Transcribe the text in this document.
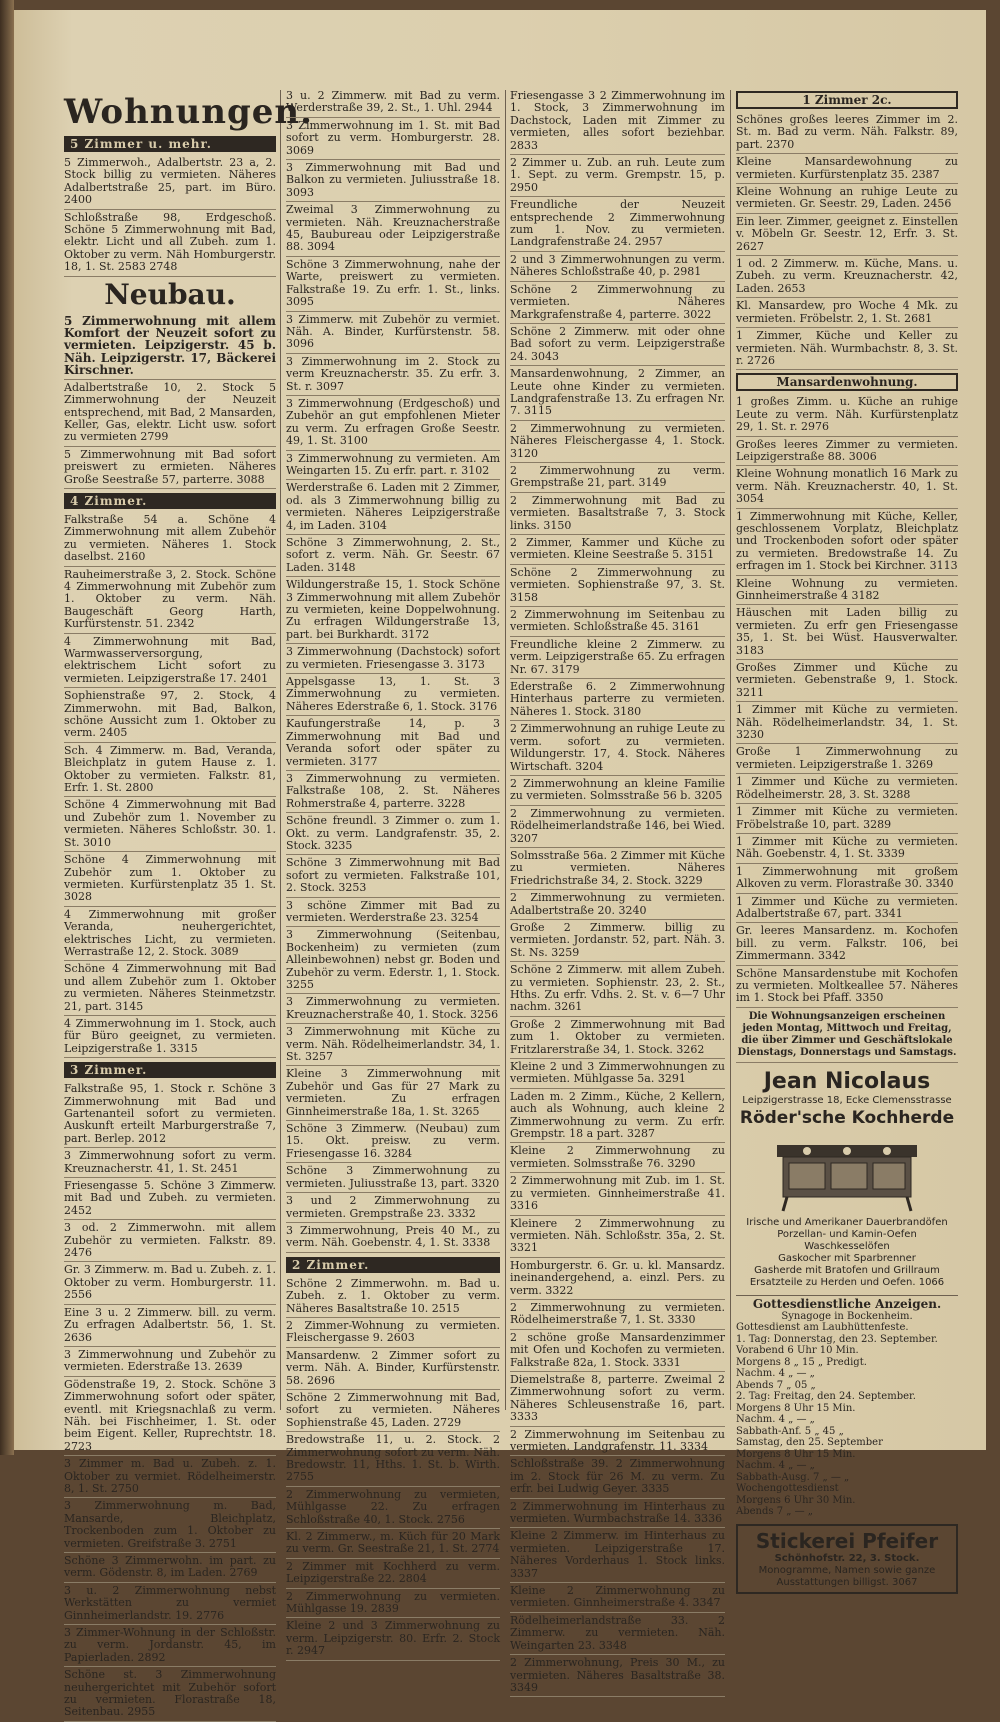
Wohnungen.
5 Zimmer u. mehr.
5 Zimmerwoh., Adalbertstr. 23 a, 2. Stock billig zu vermieten. Näheres Adalbertstraße 25, part. im Büro. 2400
Schloßstraße 98, Erdgeschoß. Schöne 5 Zimmerwohnung mit Bad, elektr. Licht und all Zubeh. zum 1. Oktober zu verm. Näh Homburgerstr. 18, 1. St. 2583 2748
Neubau.
5 Zimmerwohnung mit allem Komfort der Neuzeit sofort zu vermieten. Leipzigerstr. 45 b. Näh. Leipzigerstr. 17, Bäckerei Kirschner.
Adalbertstraße 10, 2. Stock 5 Zimmerwohnung der Neuzeit entsprechend, mit Bad, 2 Mansarden, Keller, Gas, elektr. Licht usw. sofort zu vermieten 2799
5 Zimmerwohnung mit Bad sofort preiswert zu ermieten. Näheres Große Seestraße 57, parterre. 3088
4 Zimmer.
Falkstraße 54 a. Schöne 4 Zimmerwohnung mit allem Zubehör zu vermieten. Näheres 1. Stock daselbst. 2160
Rauheimerstraße 3, 2. Stock. Schöne 4 Zimmerwohnung mit Zubehör zum 1. Oktober zu verm. Näh. Baugeschäft Georg Harth, Kurfürstenstr. 51. 2342
4 Zimmerwohnung mit Bad, Warmwasserversorgung, elektrischem Licht sofort zu vermieten. Leipzigerstraße 17. 2401
Sophienstraße 97, 2. Stock, 4 Zimmerwohn. mit Bad, Balkon, schöne Aussicht zum 1. Oktober zu verm. 2405
Sch. 4 Zimmerw. m. Bad, Veranda, Bleichplatz in gutem Hause z. 1. Oktober zu vermieten. Falkstr. 81, Erfr. 1. St. 2800
Schöne 4 Zimmerwohnung mit Bad und Zubehör zum 1. November zu vermieten. Näheres Schloßstr. 30. 1. St. 3010
Schöne 4 Zimmerwohnung mit Zubehör zum 1. Oktober zu vermieten. Kurfürstenplatz 35 1. St. 3028
4 Zimmerwohnung mit großer Veranda, neuhergerichtet, elektrisches Licht, zu vermieten. Werrastraße 12, 2. Stock. 3089
Schöne 4 Zimmerwohnung mit Bad und allem Zubehör zum 1. Oktober zu vermieten. Näheres Steinmetzstr. 21, part. 3145
4 Zimmerwohnung im 1. Stock, auch für Büro geeignet, zu vermieten. Leipzigerstraße 1. 3315
3 Zimmer.
Falkstraße 95, 1. Stock r. Schöne 3 Zimmerwohnung mit Bad und Gartenanteil sofort zu vermieten. Auskunft erteilt Marburgerstraße 7, part. Berlep. 2012
3 Zimmerwohnung sofort zu verm. Kreuznacherstr. 41, 1. St. 2451
Friesengasse 5. Schöne 3 Zimmerw. mit Bad und Zubeh. zu vermieten. 2452
3 od. 2 Zimmerwohn. mit allem Zubehör zu vermieten. Falkstr. 89. 2476
Gr. 3 Zimmerw. m. Bad u. Zubeh. z. 1. Oktober zu verm. Homburgerstr. 11. 2556
Eine 3 u. 2 Zimmerw. bill. zu verm. Zu erfragen Adalbertstr. 56, 1. St. 2636
3 Zimmerwohnung und Zubehör zu vermieten. Ederstraße 13. 2639
Gödenstraße 19, 2. Stock. Schöne 3 Zimmerwohnung sofort oder später, eventl. mit Kriegsnachlaß zu verm. Näh. bei Fischheimer, 1. St. oder beim Eigent. Keller, Ruprechtstr. 18. 2723
3 Zimmer m. Bad u. Zubeh. z. 1. Oktober zu vermiet. Rödelheimerstr. 8, 1. St. 2750
3 Zimmerwohnung m. Bad, Mansarde, Bleichplatz, Trockenboden zum 1. Oktober zu vermieten. Greifstraße 3. 2751
Schöne 3 Zimmerwohn. im part. zu verm. Gödenstr. 8, im Laden. 2769
3 u. 2 Zimmerwohnung nebst Werkstätten zu vermiet Ginnheimerlandstr. 19. 2776
3 Zimmer-Wohnung in der Schloßstr. zu verm. Jordanstr. 45, im Papierladen. 2892
Schöne st. 3 Zimmerwohnung neuhergerichtet mit Zubehör sofort zu vermieten. Florastraße 18, Seitenbau. 2955
3 u. 2 Zimmerw. mit Bad zu verm. Werderstraße 39, 2. St., 1. Uhl. 2944
3 Zimmerwohnung im 1. St. mit Bad sofort zu verm. Homburgerstr. 28. 3069
3 Zimmerwohnung mit Bad und Balkon zu vermieten. Juliusstraße 18. 3093
Zweimal 3 Zimmerwohnung zu vermieten. Näh. Kreuznacherstraße 45, Baubureau oder Leipzigerstraße 88. 3094
Schöne 3 Zimmerwohnung, nahe der Warte, preiswert zu vermieten. Falkstraße 19. Zu erfr. 1. St., links. 3095
3 Zimmerw. mit Zubehör zu vermiet. Näh. A. Binder, Kurfürstenstr. 58. 3096
3 Zimmerwohnung im 2. Stock zu verm Kreuznacherstr. 35. Zu erfr. 3. St. r. 3097
3 Zimmerwohnung (Erdgeschoß) und Zubehör an gut empfohlenen Mieter zu verm. Zu erfragen Große Seestr. 49, 1. St. 3100
3 Zimmerwohnung zu vermieten. Am Weingarten 15. Zu erfr. part. r. 3102
Werderstraße 6. Laden mit 2 Zimmer, od. als 3 Zimmerwohnung billig zu vermieten. Näheres Leipzigerstraße 4, im Laden. 3104
Schöne 3 Zimmerwohnung, 2. St., sofort z. verm. Näh. Gr. Seestr. 67 Laden. 3148
Wildungerstraße 15, 1. Stock Schöne 3 Zimmerwohnung mit allem Zubehör zu vermieten, keine Doppelwohnung. Zu erfragen Wildungerstraße 13, part. bei Burkhardt. 3172
3 Zimmerwohnung (Dachstock) sofort zu vermieten. Friesengasse 3. 3173
Appelsgasse 13, 1. St. 3 Zimmerwohnung zu vermieten. Näheres Ederstraße 6, 1. Stock. 3176
Kaufungerstraße 14, p. 3 Zimmerwohnung mit Bad und Veranda sofort oder später zu vermieten. 3177
3 Zimmerwohnung zu vermieten. Falkstraße 108, 2. St. Näheres Rohmerstraße 4, parterre. 3228
Schöne freundl. 3 Zimmer o. zum 1. Okt. zu verm. Landgrafenstr. 35, 2. Stock. 3235
Schöne 3 Zimmerwohnung mit Bad sofort zu vermieten. Falkstraße 101, 2. Stock. 3253
3 schöne Zimmer mit Bad zu vermieten. Werderstraße 23. 3254
3 Zimmerwohnung (Seitenbau, Bockenheim) zu vermieten (zum Alleinbewohnen) nebst gr. Boden und Zubehör zu verm. Ederstr. 1, 1. Stock. 3255
3 Zimmerwohnung zu vermieten. Kreuznacherstraße 40, 1. Stock. 3256
3 Zimmerwohnung mit Küche zu verm. Näh. Rödelheimerlandstr. 34, 1. St. 3257
Kleine 3 Zimmerwohnung mit Zubehör und Gas für 27 Mark zu vermieten. Zu erfragen Ginnheimerstraße 18a, 1. St. 3265
Schöne 3 Zimmerw. (Neubau) zum 15. Okt. preisw. zu verm. Friesengasse 16. 3284
Schöne 3 Zimmerwohnung zu vermieten. Juliusstraße 13, part. 3320
3 und 2 Zimmerwohnung zu vermieten. Grempstraße 23. 3332
3 Zimmerwohnung, Preis 40 M., zu verm. Näh. Goebenstr. 4, 1. St. 3338
2 Zimmer.
Schöne 2 Zimmerwohn. m. Bad u. Zubeh. z. 1. Oktober zu verm. Näheres Basaltstraße 10. 2515
2 Zimmer-Wohnung zu vermieten. Fleischergasse 9. 2603
Mansardenw. 2 Zimmer sofort zu verm. Näh. A. Binder, Kurfürstenstr. 58. 2696
Schöne 2 Zimmerwohnung mit Bad, sofort zu vermieten. Näheres Sophienstraße 45, Laden. 2729
Bredowstraße 11, u. 2. Stock. 2 Zimmerwohnung sofort zu verm. Näh. Bredowstr. 11, Hths. 1. St. b. Wirth. 2755
2 Zimmerwohnung zu vermieten, Mühlgasse 22. Zu erfragen Schloßstraße 40, 1. Stock. 2756
Kl. 2 Zimmerw., m. Küch für 20 Mark zu verm. Gr. Seestraße 21, 1. St. 2774
2 Zimmer mit Kochherd zu verm. Leipzigerstraße 22. 2804
2 Zimmerwohnung zu vermieten. Mühlgasse 19. 2839
Kleine 2 und 3 Zimmerwohnung zu verm. Leipzigerstr. 80. Erfr. 2. Stock r. 2947
Friesengasse 3 2 Zimmerwohnung im 1. Stock, 3 Zimmerwohnung im Dachstock, Laden mit Zimmer zu vermieten, alles sofort beziehbar. 2833
2 Zimmer u. Zub. an ruh. Leute zum 1. Sept. zu verm. Grempstr. 15, p. 2950
Freundliche der Neuzeit entsprechende 2 Zimmerwohnung zum 1. Nov. zu vermieten. Landgrafenstraße 24. 2957
2 und 3 Zimmerwohnungen zu verm. Näheres Schloßstraße 40, p. 2981
Schöne 2 Zimmerwohnung zu vermieten. Näheres Markgrafenstraße 4, parterre. 3022
Schöne 2 Zimmerw. mit oder ohne Bad sofort zu verm. Leipzigerstraße 24. 3043
Mansardenwohnung, 2 Zimmer, an Leute ohne Kinder zu vermieten. Landgrafenstraße 13. Zu erfragen Nr. 7. 3115
2 Zimmerwohnung zu vermieten. Näheres Fleischergasse 4, 1. Stock. 3120
2 Zimmerwohnung zu verm. Grempstraße 21, part. 3149
2 Zimmerwohnung mit Bad zu vermieten. Basaltstraße 7, 3. Stock links. 3150
2 Zimmer, Kammer und Küche zu vermieten. Kleine Seestraße 5. 3151
Schöne 2 Zimmerwohnung zu vermieten. Sophienstraße 97, 3. St. 3158
2 Zimmerwohnung im Seitenbau zu vermieten. Schloßstraße 45. 3161
Freundliche kleine 2 Zimmerw. zu verm. Leipzigerstraße 65. Zu erfragen Nr. 67. 3179
Ederstraße 6. 2 Zimmerwohnung Hinterhaus parterre zu vermieten. Näheres 1. Stock. 3180
2 Zimmerwohnung an ruhige Leute zu verm. sofort zu vermieten. Wildungerstr. 17, 4. Stock. Näheres Wirtschaft. 3204
2 Zimmerwohnung an kleine Familie zu vermieten. Solmsstraße 56 b. 3205
2 Zimmerwohnung zu vermieten. Rödelheimerlandstraße 146, bei Wied. 3207
Solmsstraße 56a. 2 Zimmer mit Küche zu vermieten. Näheres Friedrichstraße 34, 2. Stock. 3229
2 Zimmerwohnung zu vermieten. Adalbertstraße 20. 3240
Große 2 Zimmerw. billig zu vermieten. Jordanstr. 52, part. Näh. 3. St. Ns. 3259
Schöne 2 Zimmerw. mit allem Zubeh. zu vermieten. Sophienstr. 23, 2. St., Hths. Zu erfr. Vdhs. 2. St. v. 6—7 Uhr nachm. 3261
Große 2 Zimmerwohnung mit Bad zum 1. Oktober zu vermieten. Fritzlarerstraße 34, 1. Stock. 3262
Kleine 2 und 3 Zimmerwohnungen zu vermieten. Mühlgasse 5a. 3291
Laden m. 2 Zimm., Küche, 2 Kellern, auch als Wohnung, auch kleine 2 Zimmerwohnung zu verm. Zu erfr. Grempstr. 18 a part. 3287
Kleine 2 Zimmerwohnung zu vermieten. Solmsstraße 76. 3290
2 Zimmerwohnung mit Zub. im 1. St. zu vermieten. Ginnheimerstraße 41. 3316
Kleinere 2 Zimmerwohnung zu vermieten. Näh. Schloßstr. 35a, 2. St. 3321
Homburgerstr. 6. Gr. u. kl. Mansardz. ineinandergehend, a. einzl. Pers. zu verm. 3322
2 Zimmerwohnung zu vermieten. Rödelheimerstraße 7, 1. St. 3330
2 schöne große Mansardenzimmer mit Ofen und Kochofen zu vermieten. Falkstraße 82a, 1. Stock. 3331
Diemelstraße 8, parterre. Zweimal 2 Zimmerwohnung sofort zu verm. Näheres Schleusenstraße 16, part. 3333
2 Zimmerwohnung im Seitenbau zu vermieten. Landgrafenstr. 11. 3334
Schloßstraße 39. 2 Zimmerwohnung im 2. Stock für 26 M. zu verm. Zu erfr. bei Ludwig Geyer. 3335
2 Zimmerwohnung im Hinterhaus zu vermieten. Wurmbachstraße 14. 3336
Kleine 2 Zimmerw. im Hinterhaus zu vermieten. Leipzigerstraße 17. Näheres Vorderhaus 1. Stock links. 3337
Kleine 2 Zimmerwohnung zu vermieten. Ginnheimerstraße 4. 3347
Rödelheimerlandstraße 33. 2 Zimmerw. zu vermieten. Näh. Weingarten 23. 3348
2 Zimmerwohnung, Preis 30 M., zu vermieten. Näheres Basaltstraße 38. 3349
1 Zimmer 2c.
Schönes großes leeres Zimmer im 2. St. m. Bad zu verm. Näh. Falkstr. 89, part. 2370
Kleine Mansardewohnung zu vermieten. Kurfürstenplatz 35. 2387
Kleine Wohnung an ruhige Leute zu vermieten. Gr. Seestr. 29, Laden. 2456
Ein leer. Zimmer, geeignet z. Einstellen v. Möbeln Gr. Seestr. 12, Erfr. 3. St. 2627
1 od. 2 Zimmerw. m. Küche, Mans. u. Zubeh. zu verm. Kreuznacherstr. 42, Laden. 2653
Kl. Mansardew, pro Woche 4 Mk. zu vermieten. Fröbelstr. 2, 1. St. 2681
1 Zimmer, Küche und Keller zu vermieten. Näh. Wurmbachstr. 8, 3. St. r. 2726
Mansardenwohnung.
1 großes Zimm. u. Küche an ruhige Leute zu verm. Näh. Kurfürstenplatz 29, 1. St. r. 2976
Großes leeres Zimmer zu vermieten. Leipzigerstraße 88. 3006
Kleine Wohnung monatlich 16 Mark zu verm. Näh. Kreuznacherstr. 40, 1. St. 3054
1 Zimmerwohnung mit Küche, Keller, geschlossenem Vorplatz, Bleichplatz und Trockenboden sofort oder später zu vermieten. Bredowstraße 14. Zu erfragen im 1. Stock bei Kirchner. 3113
Kleine Wohnung zu vermieten. Ginnheimerstraße 4 3182
Häuschen mit Laden billig zu vermieten. Zu erfr gen Friesengasse 35, 1. St. bei Wüst. Hausverwalter. 3183
Großes Zimmer und Küche zu vermieten. Gebenstraße 9, 1. Stock. 3211
1 Zimmer mit Küche zu vermieten. Näh. Rödelheimerlandstr. 34, 1. St. 3230
Große 1 Zimmerwohnung zu vermieten. Leipzigerstraße 1. 3269
1 Zimmer und Küche zu vermieten. Rödelheimerstr. 28, 3. St. 3288
1 Zimmer mit Küche zu vermieten. Fröbelstraße 10, part. 3289
1 Zimmer mit Küche zu vermieten. Näh. Goebenstr. 4, 1. St. 3339
1 Zimmerwohnung mit großem Alkoven zu verm. Florastraße 30. 3340
1 Zimmer und Küche zu vermieten. Adalbertstraße 67, part. 3341
Gr. leeres Mansardenz. m. Kochofen bill. zu verm. Falkstr. 106, bei Zimmermann. 3342
Schöne Mansardenstube mit Kochofen zu vermieten. Moltkeallee 57. Näheres im 1. Stock bei Pfaff. 3350
Die Wohnungsanzeigen erscheinen jeden Montag, Mittwoch und Freitag, die über Zimmer und Geschäftslokale Dienstags, Donnerstags und Samstags.
Jean Nicolaus
Leipzigerstrasse 18, Ecke Clemensstrasse
Röder'sche Kochherde
Irische und Amerikaner Dauerbrandöfen
Porzellan- und Kamin-Oefen
Waschkesselöfen
Gaskocher mit Sparbrenner
Gasherde mit Bratofen und Grillraum
Ersatzteile zu Herden und Oefen. 1066
Gottesdienstliche Anzeigen.
Synagoge in Bockenheim.
Gottesdienst am Laubhüttenfeste.
1. Tag: Donnerstag, den 23. September.
Vorabend 6 Uhr 10 Min.
Morgens 8 „ 15 „ Predigt.
Nachm. 4 „ — „
Abends 7 „ 05 „
2. Tag: Freitag, den 24. September.
Morgens 8 Uhr 15 Min.
Nachm. 4 „ — „
Sabbath-Anf. 5 „ 45 „
Samstag, den 25. September
Morgens 8 Uhr 15 Min.
Nachm. 4 „ — „
Sabbath-Ausg. 7 „ — „
Wochengottesdienst
Morgens 6 Uhr 30 Min.
Abends 7 „ — „
Stickerei Pfeifer
Schönhofstr. 22, 3. Stock.
Monogramme, Namen sowie ganze Ausstattungen billigst. 3067
